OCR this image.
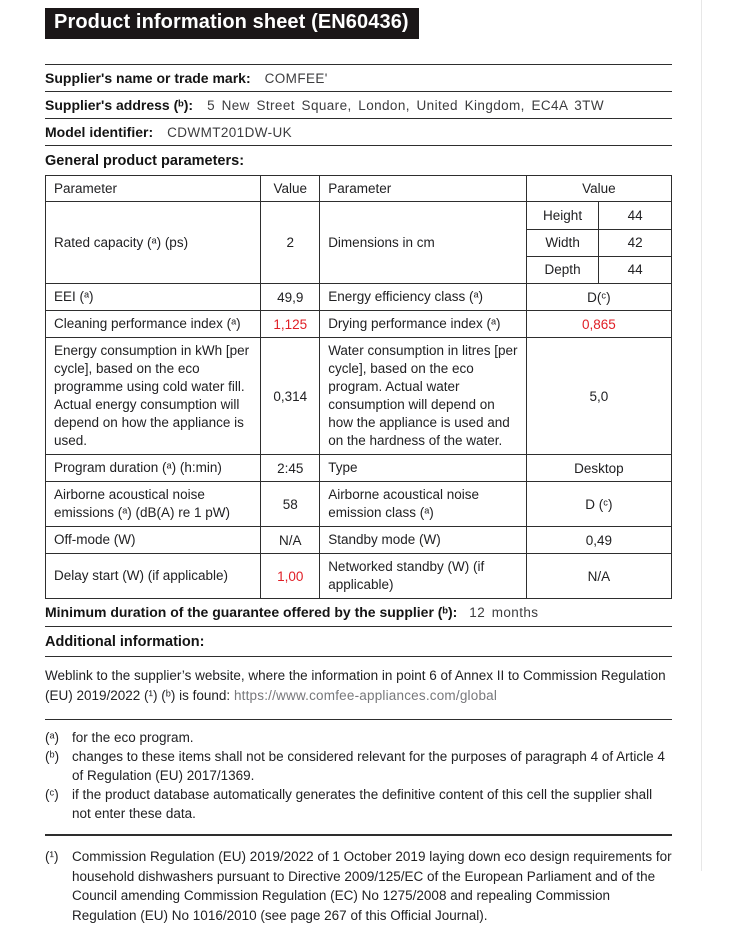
Product information sheet (EN60436)
Supplier's name or trade mark: COMFEE'
Supplier's address (ᵇ): 5 New Street Square, London, United Kingdom, EC4A 3TW
Model identifier: CDWMT201DW-UK
General product parameters:
Parameter	Value	Parameter	Value
Rated capacity (ᵃ) (ps)	2	Dimensions in cm	
Height	44
Width	42
Depth	44

EEI (ᵃ)	49,9	Energy efficiency class (ᵃ)	D(ᶜ)
Cleaning performance index (ᵃ)	1,125	Drying performance index (ᵃ)	0,865
Energy consumption in kWh [per cycle], based on the eco programme using cold water fill. Actual energy consumption will depend on how the appliance is used.	0,314	Water consumption in litres [per cycle], based on the eco program. Actual water consumption will depend on how the appliance is used and on the hardness of the water.	5,0
Program duration (ᵃ) (h:min)	2:45	Type	Desktop
Airborne acoustical noise emissions (ᵃ) (dB(A) re 1 pW)	58	Airborne acoustical noise emission class (ᵃ)	D (ᶜ)
Off-mode (W)	N/A	Standby mode (W)	0,49
Delay start (W) (if applicable)	1,00	Networked standby (W) (if applicable)	N/A
Minimum duration of the guarantee offered by the supplier (ᵇ): 12 months
Additional information:

Weblink to the supplier’s website, where the information in point 6 of Annex II to Commission Regulation (EU) 2019/2022 (¹) (ᵇ) is found: https://www.comfee-appliances.com/global

(ᵃ) for the eco program.
(ᵇ) changes to these items shall not be considered relevant for the purposes of paragraph 4 of Article 4 of Regulation (EU) 2017/1369.
(ᶜ) if the product database automatically generates the definitive content of this cell the supplier shall not enter these data.
(¹)	Commission Regulation (EU) 2019/2022 of 1 October 2019 laying down eco design requirements for household dishwashers pursuant to Directive 2009/125/EC of the European Parliament and of the Council amending Commission Regulation (EC) No 1275/2008 and repealing Commission Regulation (EU) No 1016/2010 (see page 267 of this Official Journal).
